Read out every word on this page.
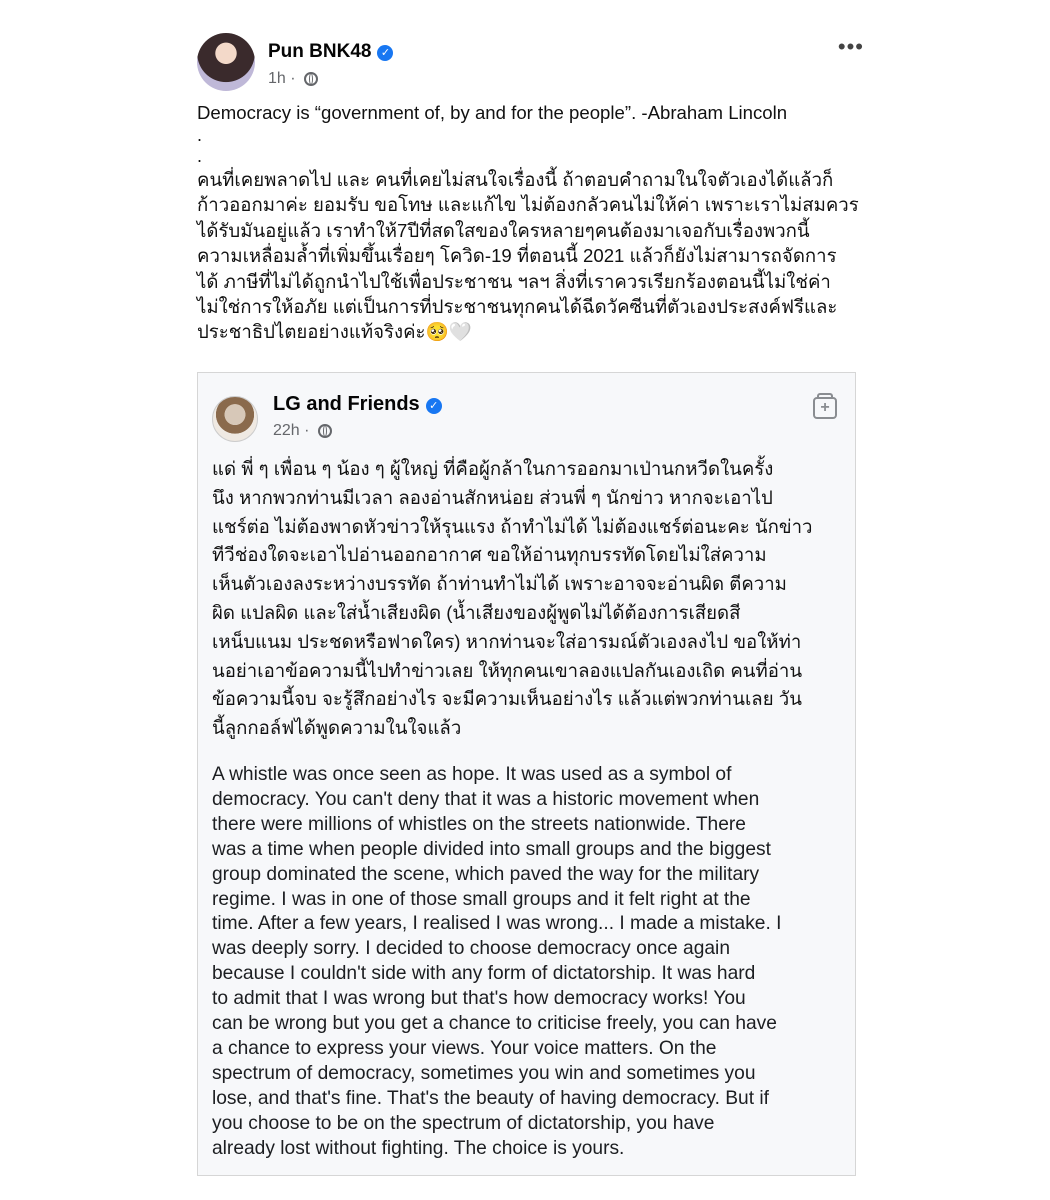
Pun BNK48 ✓
1h ·
•••
Democracy is “government of, by and for the people”. -Abraham Lincoln
.
.
คนที่เคยพลาดไป และ คนที่เคยไม่สนใจเรื่องนี้ ถ้าตอบคำถามในใจตัวเองได้แล้วก็
ก้าวออกมาค่ะ ยอมรับ ขอโทษ และแก้ไข ไม่ต้องกลัวคนไม่ให้ค่า เพราะเราไม่สมควร
ได้รับมันอยู่แล้ว เราทำให้7ปีที่สดใสของใครหลายๆคนต้องมาเจอกับเรื่องพวกนี้
ความเหลื่อมล้ำที่เพิ่มขึ้นเรื่อยๆ โควิด-19 ที่ตอนนี้ 2021 แล้วก็ยังไม่สามารถจัดการ
ได้ ภาษีที่ไม่ได้ถูกนำไปใช้เพื่อประชาชน ฯลฯ สิ่งที่เราควรเรียกร้องตอนนี้ไม่ใช่ค่า
ไม่ใช่การให้อภัย แต่เป็นการที่ประชาชนทุกคนได้ฉีดวัคซีนที่ตัวเองประสงค์ฟรีและ
ประชาธิปไตยอย่างแท้จริงค่ะ🥺🤍
LG and Friends ✓
22h ·
+
แด่ พี่ ๆ เพื่อน ๆ น้อง ๆ ผู้ใหญ่ ที่คือผู้กล้าในการออกมาเป่านกหวีดในครั้ง
นึง หากพวกท่านมีเวลา ลองอ่านสักหน่อย ส่วนพี่ ๆ นักข่าว หากจะเอาไป
แชร์ต่อ ไม่ต้องพาดหัวข่าวให้รุนแรง ถ้าทำไม่ได้ ไม่ต้องแชร์ต่อนะคะ นักข่าว
ทีวีช่องใดจะเอาไปอ่านออกอากาศ ขอให้อ่านทุกบรรทัดโดยไม่ใส่ความ
เห็นตัวเองลงระหว่างบรรทัด ถ้าท่านทำไม่ได้ เพราะอาจจะอ่านผิด ตีความ
ผิด แปลผิด และใส่น้ำเสียงผิด (น้ำเสียงของผู้พูดไม่ได้ต้องการเสียดสี
เหน็บแนม ประชดหรือฟาดใคร) หากท่านจะใส่อารมณ์ตัวเองลงไป ขอให้ท่า
นอย่าเอาข้อความนี้ไปทำข่าวเลย ให้ทุกคนเขาลองแปลกันเองเถิด คนที่อ่าน
ข้อความนี้จบ จะรู้สึกอย่างไร จะมีความเห็นอย่างไร แล้วแต่พวกท่านเลย วัน
นี้ลูกกอล์ฟได้พูดความในใจแล้ว
A whistle was once seen as hope. It was used as a symbol of
democracy. You can't deny that it was a historic movement when
there were millions of whistles on the streets nationwide. There
was a time when people divided into small groups and the biggest
group dominated the scene, which paved the way for the military
regime. I was in one of those small groups and it felt right at the
time. After a few years, I realised I was wrong... I made a mistake. I
was deeply sorry. I decided to choose democracy once again
because I couldn't side with any form of dictatorship. It was hard
to admit that I was wrong but that's how democracy works! You
can be wrong but you get a chance to criticise freely, you can have
a chance to express your views. Your voice matters. On the
spectrum of democracy, sometimes you win and sometimes you
lose, and that's fine. That's the beauty of having democracy. But if
you choose to be on the spectrum of dictatorship, you have
already lost without fighting. The choice is yours.
